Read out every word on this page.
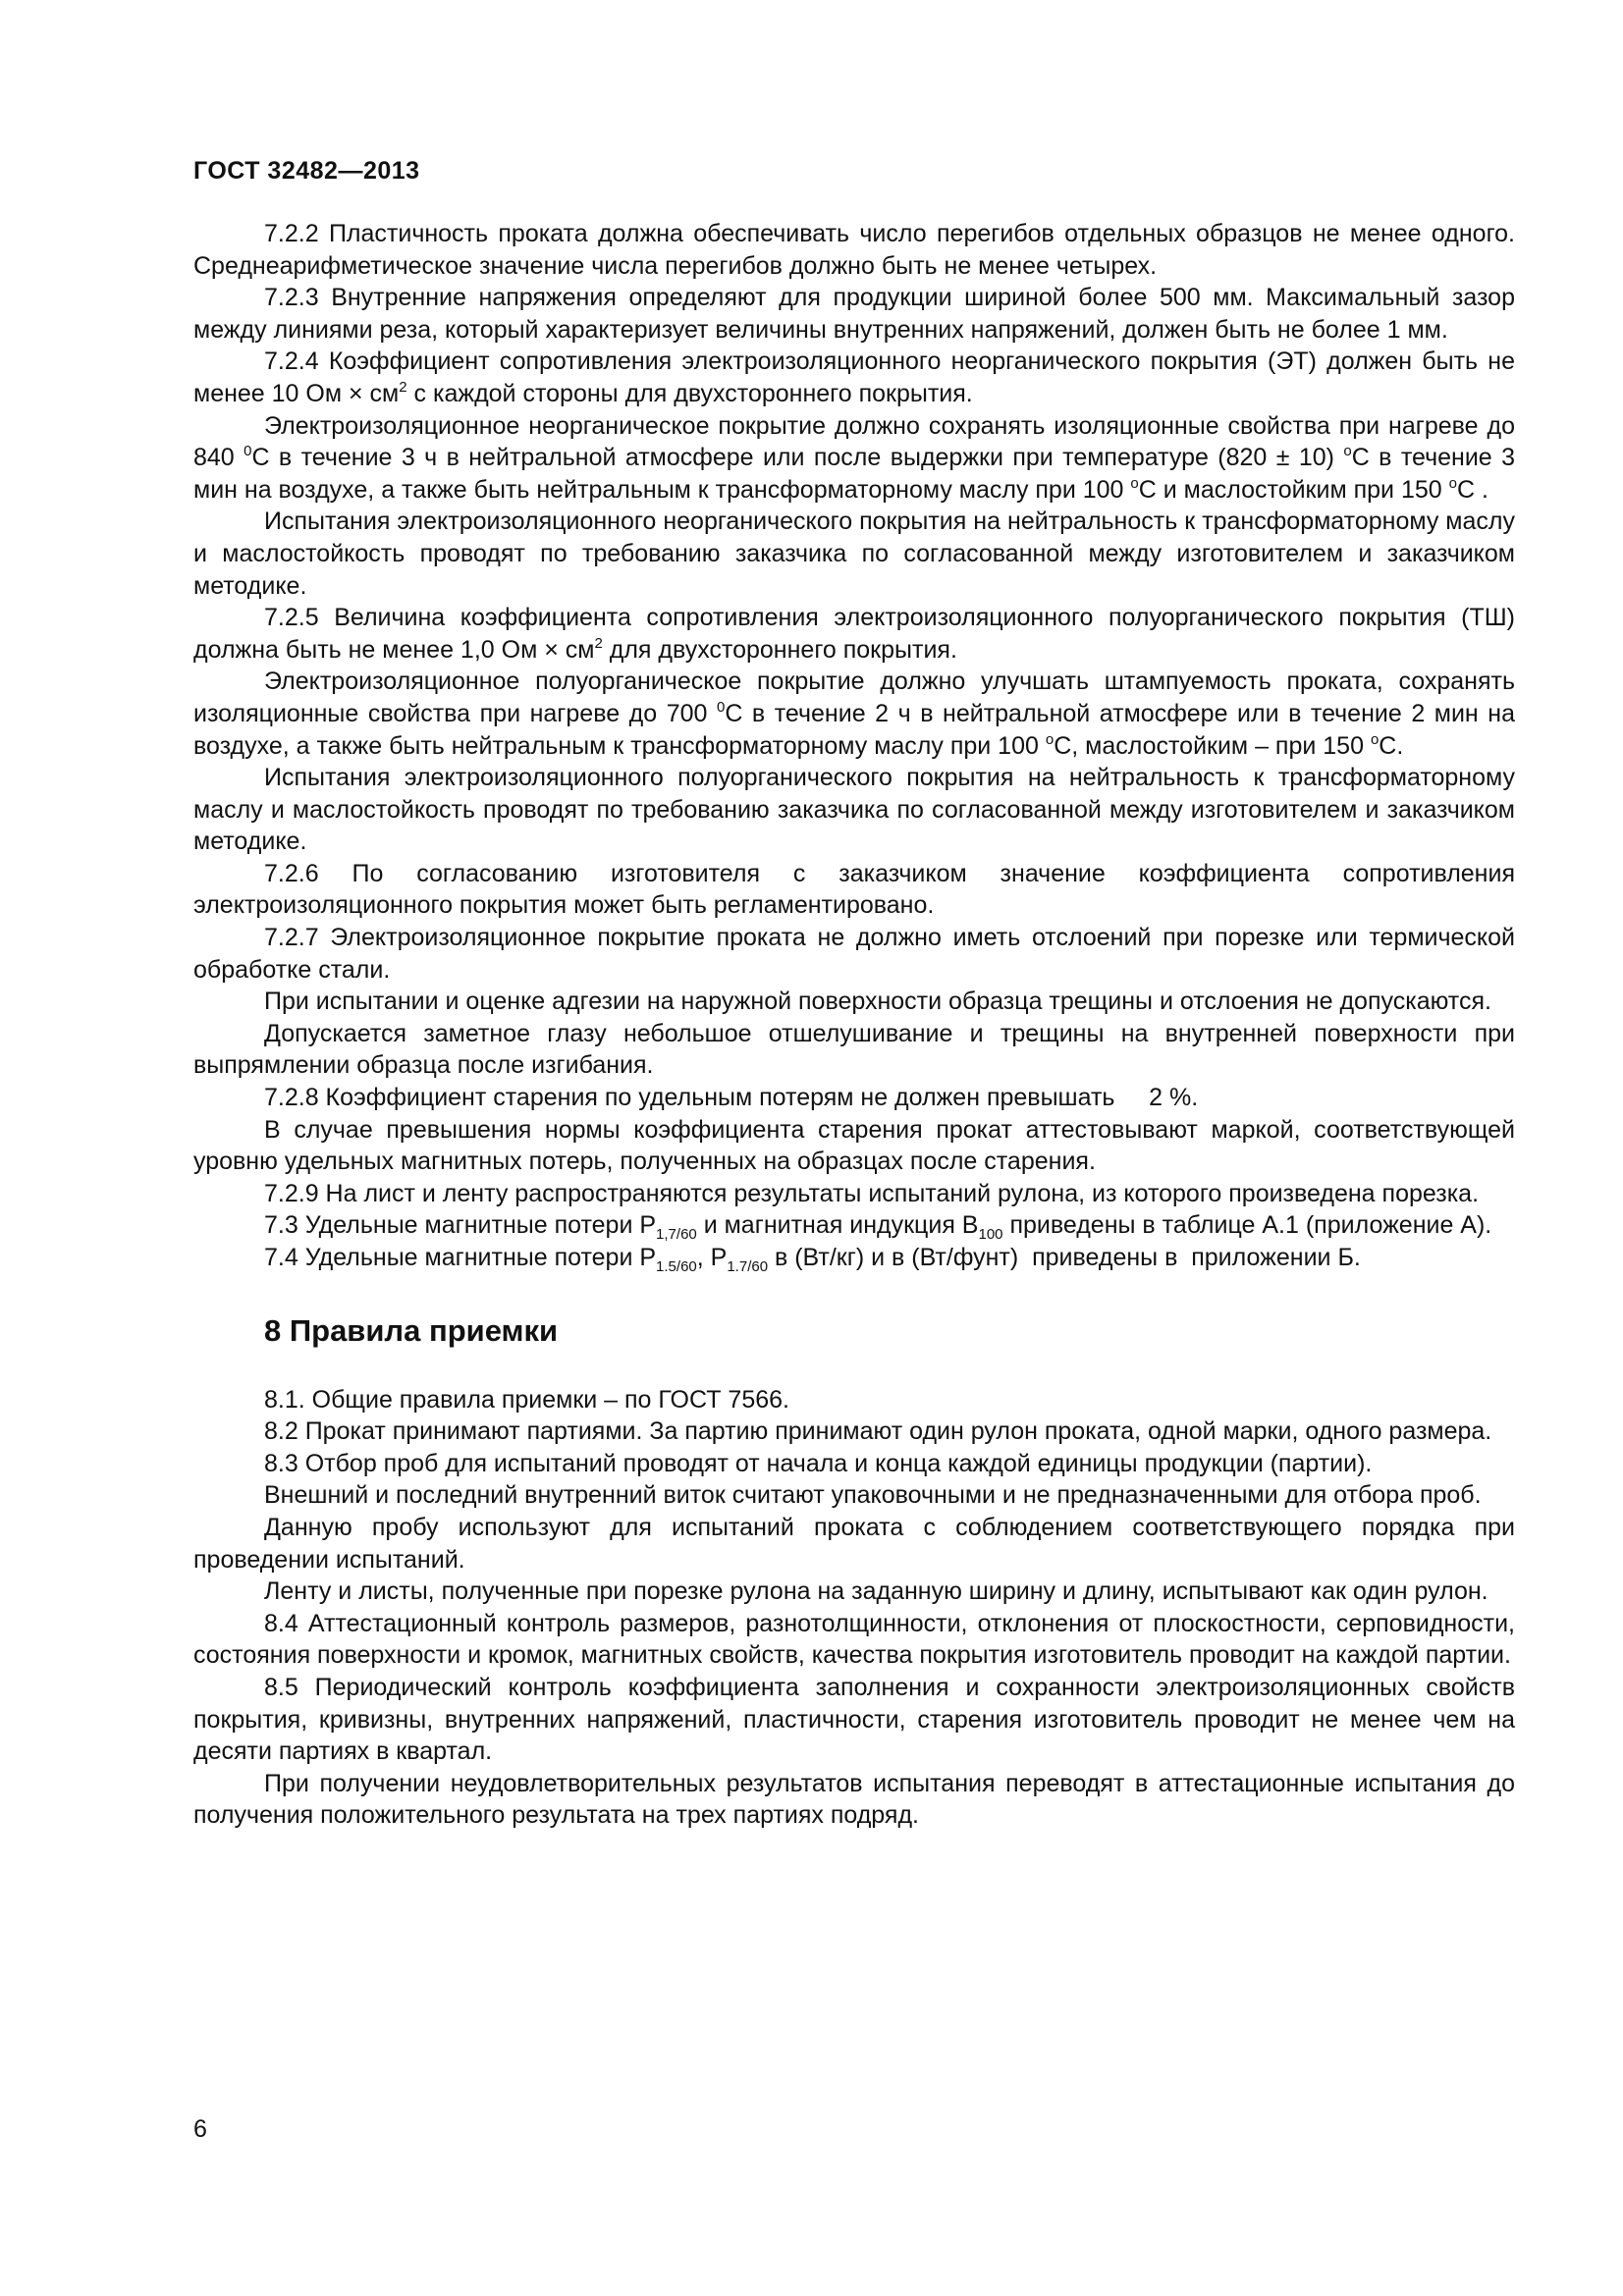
ГОСТ 32482—2013

7.2.2 Пластичность проката должна обеспечивать число перегибов отдельных образцов не менее одного. Среднеарифметическое значение числа перегибов должно быть не менее четырех.

7.2.3 Внутренние напряжения определяют для продукции шириной более 500 мм. Максимальный зазор между линиями реза, который характеризует величины внутренних напряжений, должен быть не более 1 мм.

7.2.4 Коэффициент сопротивления электроизоляционного неорганического покрытия (ЭТ) должен быть не менее 10 Ом × $см^2$ с каждой стороны для двухстороннего покрытия.

Электроизоляционное неорганическое покрытие должно сохранять изоляционные свойства при нагреве до 840 $^0$С в течение 3 ч в нейтральной атмосфере или после выдержки при температуре (820 ± 10) $^о$С в течение 3 мин на воздухе, а также быть нейтральным к трансформаторному маслу при 100 $^о$С и маслостойким при 150 $^о$С .

Испытания электроизоляционного неорганического покрытия на нейтральность к трансформаторному маслу и маслостойкость проводят по требованию заказчика по согласованной между изготовителем и заказчиком методике.

7.2.5 Величина коэффициента сопротивления электроизоляционного полуорганического покрытия (ТШ) должна быть не менее 1,0 Ом × $см^2$ для двухстороннего покрытия.

Электроизоляционное полуорганическое покрытие должно улучшать штампуемость проката, сохранять изоляционные свойства при нагреве до 700 $^0$С в течение 2 ч в нейтральной атмосфере или в течение 2 мин на воздухе, а также быть нейтральным к трансформаторному маслу при 100 $^о$С, маслостойким – при 150 $^о$С.

Испытания электроизоляционного полуорганического покрытия на нейтральность к трансформаторному маслу и маслостойкость проводят по требованию заказчика по согласованной между изготовителем и заказчиком методике.

7.2.6 По согласованию изготовителя с заказчиком значение коэффициента сопротивления электроизоляционного покрытия может быть регламентировано.

7.2.7 Электроизоляционное покрытие проката не должно иметь отслоений при порезке или термической обработке стали.

При испытании и оценке адгезии на наружной поверхности образца трещины и отслоения не допускаются.

Допускается заметное глазу небольшое отшелушивание и трещины на внутренней поверхности при выпрямлении образца после изгибания.

7.2.8 Коэффициент старения по удельным потерям не должен превышать     2 %.

В случае превышения нормы коэффициента старения прокат аттестовывают маркой, соответствующей уровню удельных магнитных потерь, полученных на образцах после старения.

7.2.9 На лист и ленту распространяются результаты испытаний рулона, из которого произведена порезка.

7.3 Удельные магнитные потери $Р_{1,7/60}$ и магнитная индукция $В_{100}$ приведены в таблице А.1 (приложение А).

7.4 Удельные магнитные потери $Р_{1.5/60}$, $Р_{1.7/60}$ в (Вт/кг) и в (Вт/фунт)  приведены в  приложении Б.

8 Правила приемки

8.1. Общие правила приемки – по ГОСТ 7566.

8.2 Прокат принимают партиями. За партию принимают один рулон проката, одной марки, одного размера.

8.3 Отбор проб для испытаний проводят от начала и конца каждой единицы продукции (партии).

Внешний и последний внутренний виток считают упаковочными и не предназначенными для отбора проб.

Данную пробу используют для испытаний проката с соблюдением соответствующего порядка при проведении испытаний.

Ленту и листы, полученные при порезке рулона на заданную ширину и длину, испытывают как один рулон.

8.4 Аттестационный контроль размеров, разнотолщинности, отклонения от плоскостности, серповидности, состояния поверхности и кромок, магнитных свойств, качества покрытия изготовитель проводит на каждой партии.

8.5 Периодический контроль коэффициента заполнения и сохранности электроизоляционных свойств покрытия, кривизны, внутренних напряжений, пластичности, старения изготовитель проводит не менее чем на десяти партиях в квартал.

При получении неудовлетворительных результатов испытания переводят в аттестационные испытания до получения положительного результата на трех партиях подряд.

6
